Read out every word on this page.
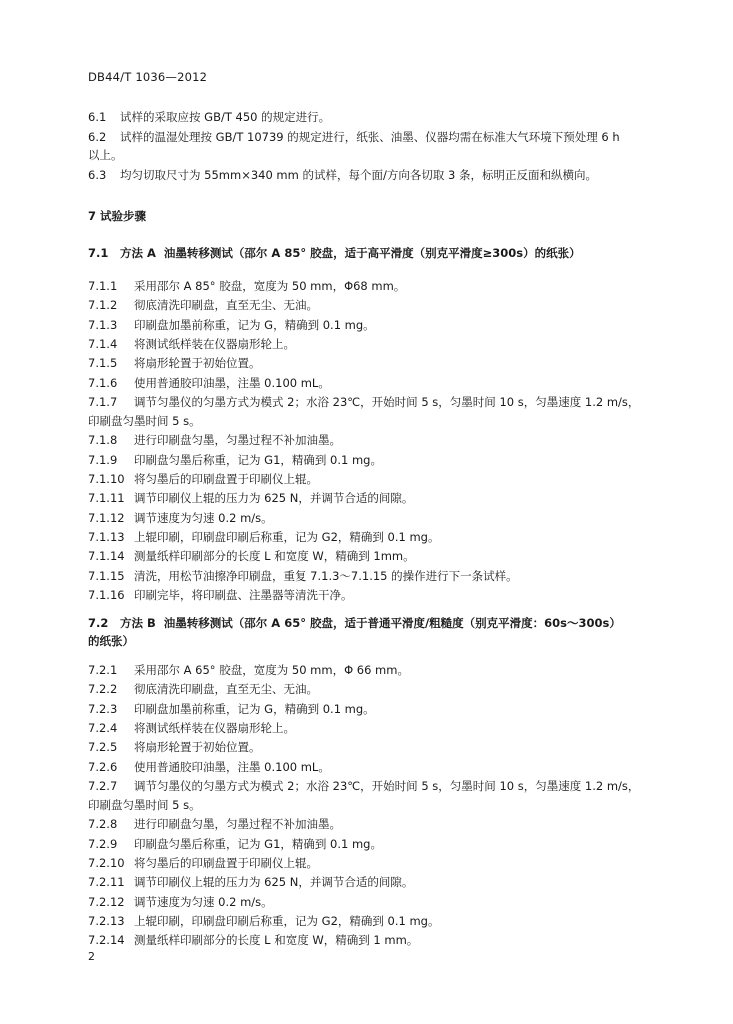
DB44/T 1036—2012
6.1 试样的采取应按 GB/T 450 的规定进行。
6.2 试样的温湿处理按 GB/T 10739 的规定进行，纸张、油墨、仪器均需在标准大气环境下预处理 6 h
以上。
6.3 均匀切取尺寸为 55mm×340 mm 的试样，每个面/方向各切取 3 条，标明正反面和纵横向。
7 试验步骤
7.1 方法 A 油墨转移测试（邵尔 A 85° 胶盘，适于高平滑度（别克平滑度≥300s）的纸张）
7.1.1 采用邵尔 A 85° 胶盘，宽度为 50 mm，Φ68 mm。
7.1.2 彻底清洗印刷盘，直至无尘、无油。
7.1.3 印刷盘加墨前称重，记为 G，精确到 0.1 mg。
7.1.4 将测试纸样装在仪器扇形轮上。
7.1.5 将扇形轮置于初始位置。
7.1.6 使用普通胶印油墨，注墨 0.100 mL。
7.1.7 调节匀墨仪的匀墨方式为模式 2；水浴 23℃，开始时间 5 s，匀墨时间 10 s，匀墨速度 1.2 m/s，
印刷盘匀墨时间 5 s。
7.1.8 进行印刷盘匀墨，匀墨过程不补加油墨。
7.1.9 印刷盘匀墨后称重，记为 G1，精确到 0.1 mg。
7.1.10 将匀墨后的印刷盘置于印刷仪上辊。
7.1.11 调节印刷仪上辊的压力为 625 N，并调节合适的间隙。
7.1.12 调节速度为匀速 0.2 m/s。
7.1.13 上辊印刷，印刷盘印刷后称重，记为 G2，精确到 0.1 mg。
7.1.14 测量纸样印刷部分的长度 L 和宽度 W，精确到 1mm。
7.1.15 清洗，用松节油擦净印刷盘，重复 7.1.3～7.1.15 的操作进行下一条试样。
7.1.16 印刷完毕，将印刷盘、注墨器等清洗干净。
7.2 方法 B 油墨转移测试（邵尔 A 65° 胶盘，适于普通平滑度/粗糙度（别克平滑度：60s～300s）
的纸张）
7.2.1 采用邵尔 A 65° 胶盘，宽度为 50 mm，Φ 66 mm。
7.2.2 彻底清洗印刷盘，直至无尘、无油。
7.2.3 印刷盘加墨前称重，记为 G，精确到 0.1 mg。
7.2.4 将测试纸样装在仪器扇形轮上。
7.2.5 将扇形轮置于初始位置。
7.2.6 使用普通胶印油墨，注墨 0.100 mL。
7.2.7 调节匀墨仪的匀墨方式为模式 2；水浴 23℃，开始时间 5 s，匀墨时间 10 s，匀墨速度 1.2 m/s，
印刷盘匀墨时间 5 s。
7.2.8 进行印刷盘匀墨，匀墨过程不补加油墨。
7.2.9 印刷盘匀墨后称重，记为 G1，精确到 0.1 mg。
7.2.10 将匀墨后的印刷盘置于印刷仪上辊。
7.2.11 调节印刷仪上辊的压力为 625 N，并调节合适的间隙。
7.2.12 调节速度为匀速 0.2 m/s。
7.2.13 上辊印刷，印刷盘印刷后称重，记为 G2，精确到 0.1 mg。
7.2.14 测量纸样印刷部分的长度 L 和宽度 W，精确到 1 mm。
2
